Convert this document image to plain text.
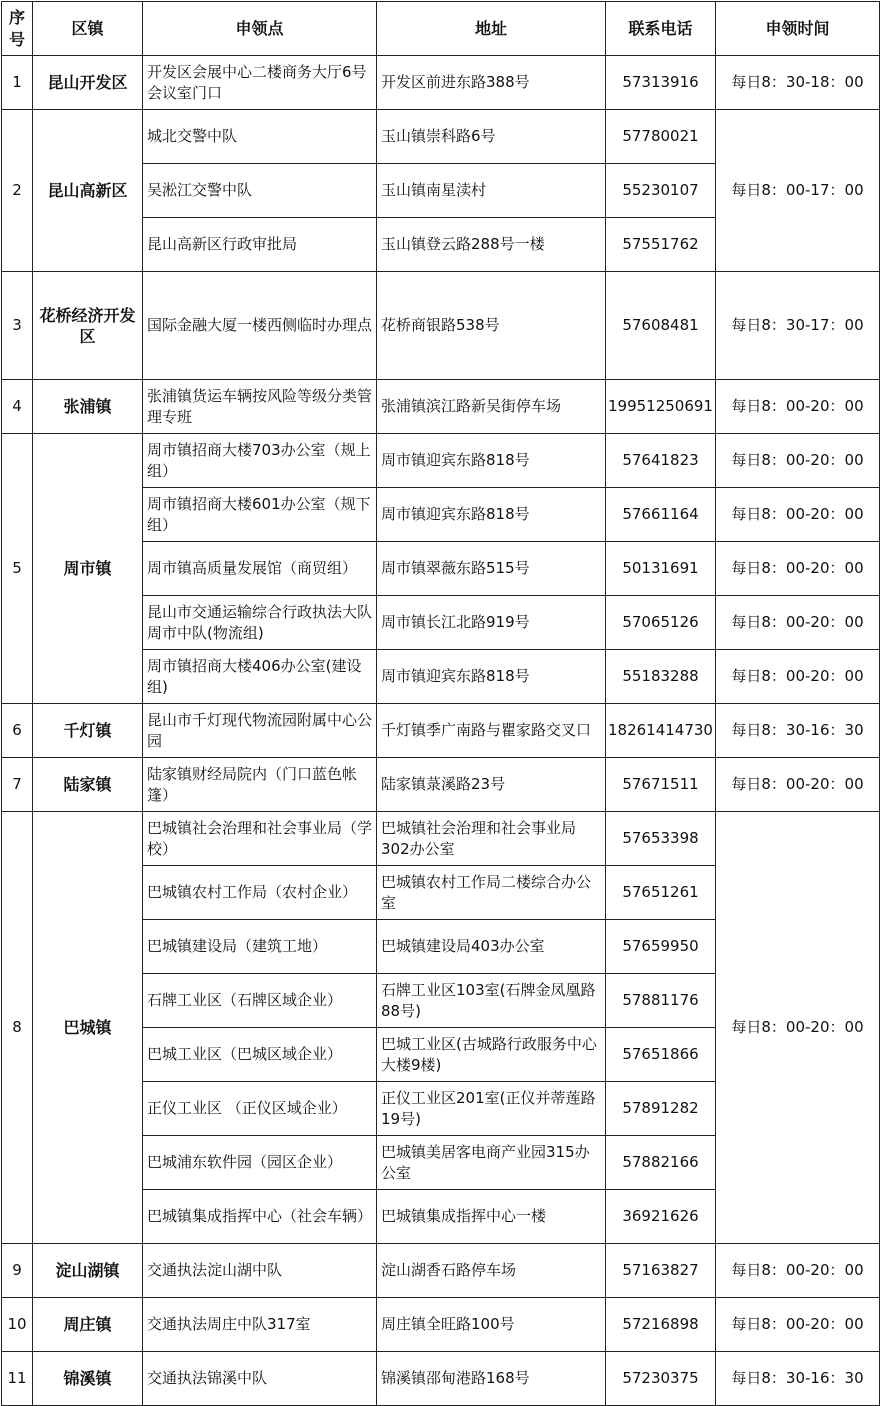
序号	区镇	申领点	地址	联系电话	申领时间
1	昆山开发区	开发区会展中心二楼商务大厅6号会议室门口	开发区前进东路388号	57313916	每日8：30-18：00
2	昆山高新区	城北交警中队	玉山镇崇科路6号	57780021	每日8：00-17：00
		吴淞江交警中队	玉山镇南星渎村	55230107	
		昆山高新区行政审批局	玉山镇登云路288号一楼	57551762	
3	花桥经济开发区	国际金融大厦一楼西侧临时办理点	花桥商银路538号	57608481	每日8：30-17：00
4	张浦镇	张浦镇货运车辆按风险等级分类管理专班	张浦镇滨江路新吴街停车场	19951250691	每日8：00-20：00
5	周市镇	周市镇招商大楼703办公室（规上组）	周市镇迎宾东路818号	57641823	每日8：00-20：00
		周市镇招商大楼601办公室（规下组）	周市镇迎宾东路818号	57661164	每日8：00-20：00
		周市镇高质量发展馆（商贸组）	周市镇翠薇东路515号	50131691	每日8：00-20：00
		昆山市交通运输综合行政执法大队周市中队(物流组)	周市镇长江北路919号	57065126	每日8：00-20：00
		周市镇招商大楼406办公室(建设组)	周市镇迎宾东路818号	55183288	每日8：00-20：00
6	千灯镇	昆山市千灯现代物流园附属中心公园	千灯镇季广南路与瞿家路交叉口	18261414730	每日8：30-16：30
7	陆家镇	陆家镇财经局院内（门口蓝色帐篷）	陆家镇菉溪路23号	57671511	每日8：00-20：00
8	巴城镇	巴城镇社会治理和社会事业局（学校）	巴城镇社会治理和社会事业局302办公室	57653398	每日8：00-20：00
		巴城镇农村工作局（农村企业）	巴城镇农村工作局二楼综合办公室	57651261	
		巴城镇建设局（建筑工地）	巴城镇建设局403办公室	57659950	
		石牌工业区（石牌区域企业）	石牌工业区103室(石牌金凤凰路88号)	57881176	
		巴城工业区（巴城区域企业）	巴城工业区(古城路行政服务中心大楼9楼)	57651866	
		正仪工业区 （正仪区域企业）	正仪工业区201室(正仪并蒂莲路19号)	57891282	
		巴城浦东软件园（园区企业）	巴城镇美居客电商产业园315办公室	57882166	
		巴城镇集成指挥中心（社会车辆）	巴城镇集成指挥中心一楼	36921626	
9	淀山湖镇	交通执法淀山湖中队	淀山湖香石路停车场	57163827	每日8：00-20：00
10	周庄镇	交通执法周庄中队317室	周庄镇全旺路100号	57216898	每日8：00-20：00
11	锦溪镇	交通执法锦溪中队	锦溪镇邵甸港路168号	57230375	每日8：30-16：30
